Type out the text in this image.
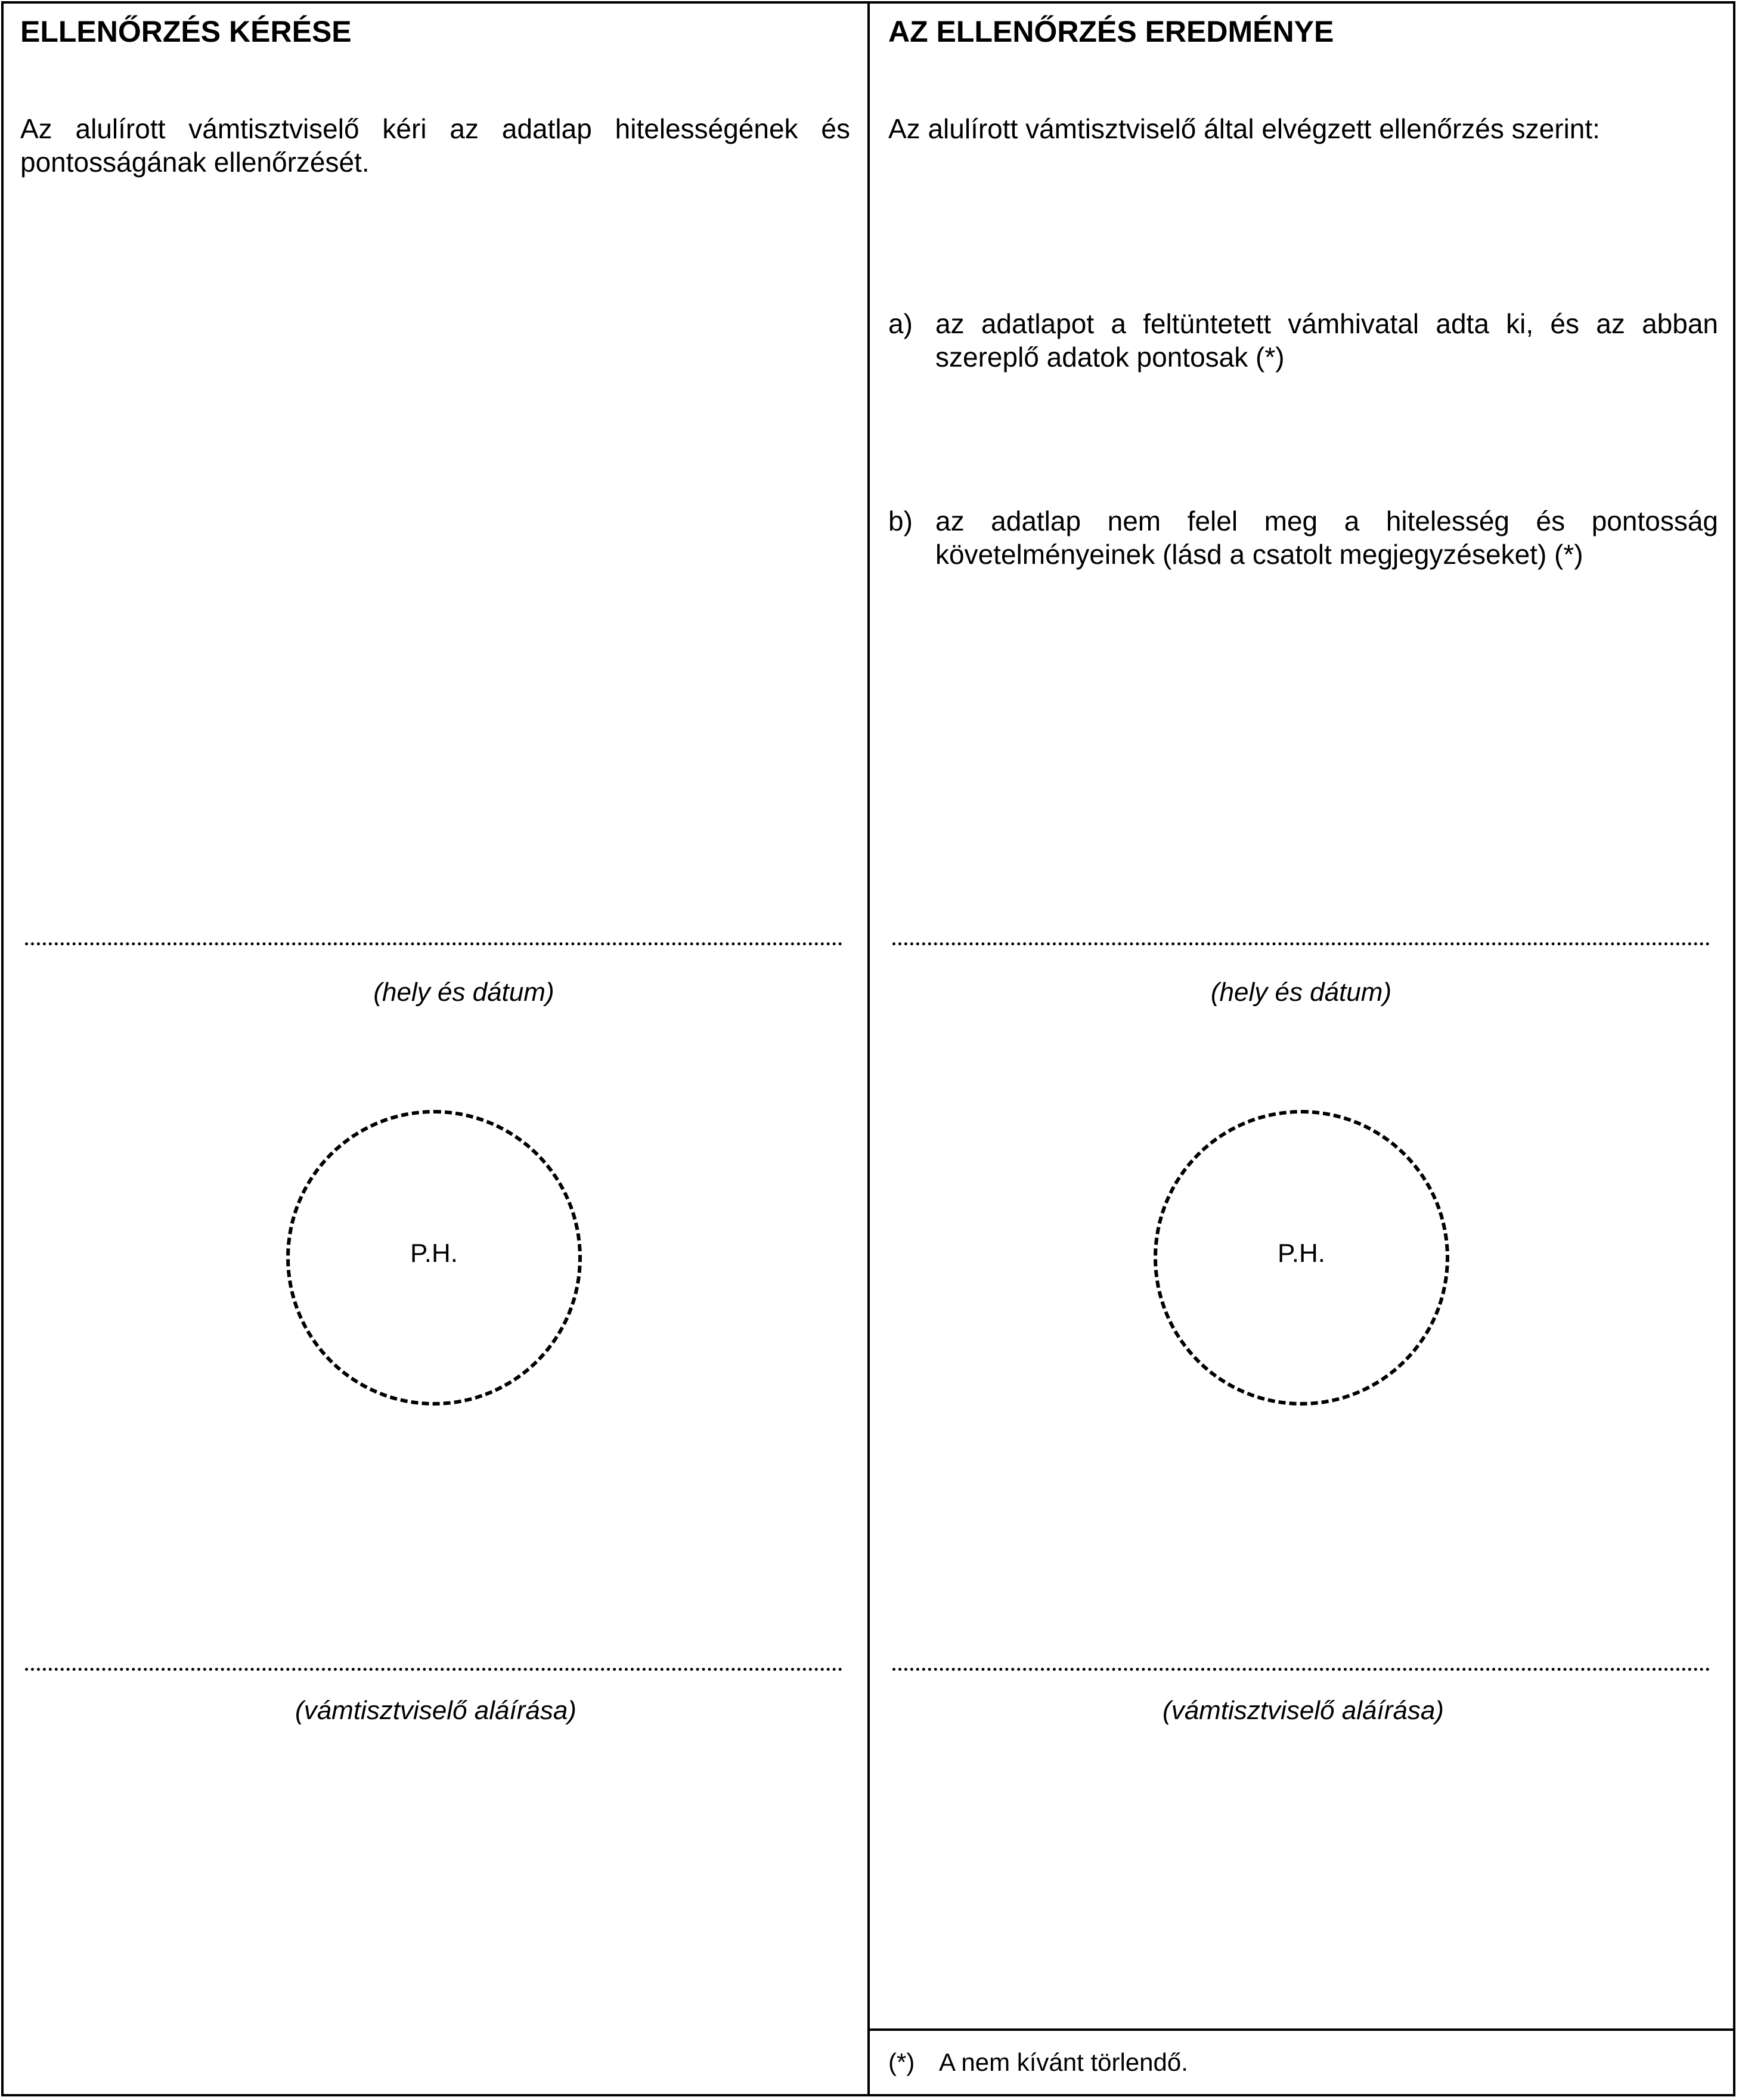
ELLENŐRZÉS KÉRÉSE
Az alulírott vámtisztviselő kéri az adatlap hitelességének és pontosságának ellenőrzését.
(hely és dátum)
P.H.
(vámtisztviselő aláírása)
AZ ELLENŐRZÉS EREDMÉNYE
Az alulírott vámtisztviselő által elvégzett ellenőrzés szerint:
a) az adatlapot a feltüntetett vámhivatal adta ki, és az abban szereplő adatok pontosak (*)
b) az adatlap nem felel meg a hitelesség és pontosság követelményeinek (lásd a csatolt megjegyzéseket) (*)
(hely és dátum)
P.H.
(vámtisztviselő aláírása)
(*) A nem kívánt törlendő.
